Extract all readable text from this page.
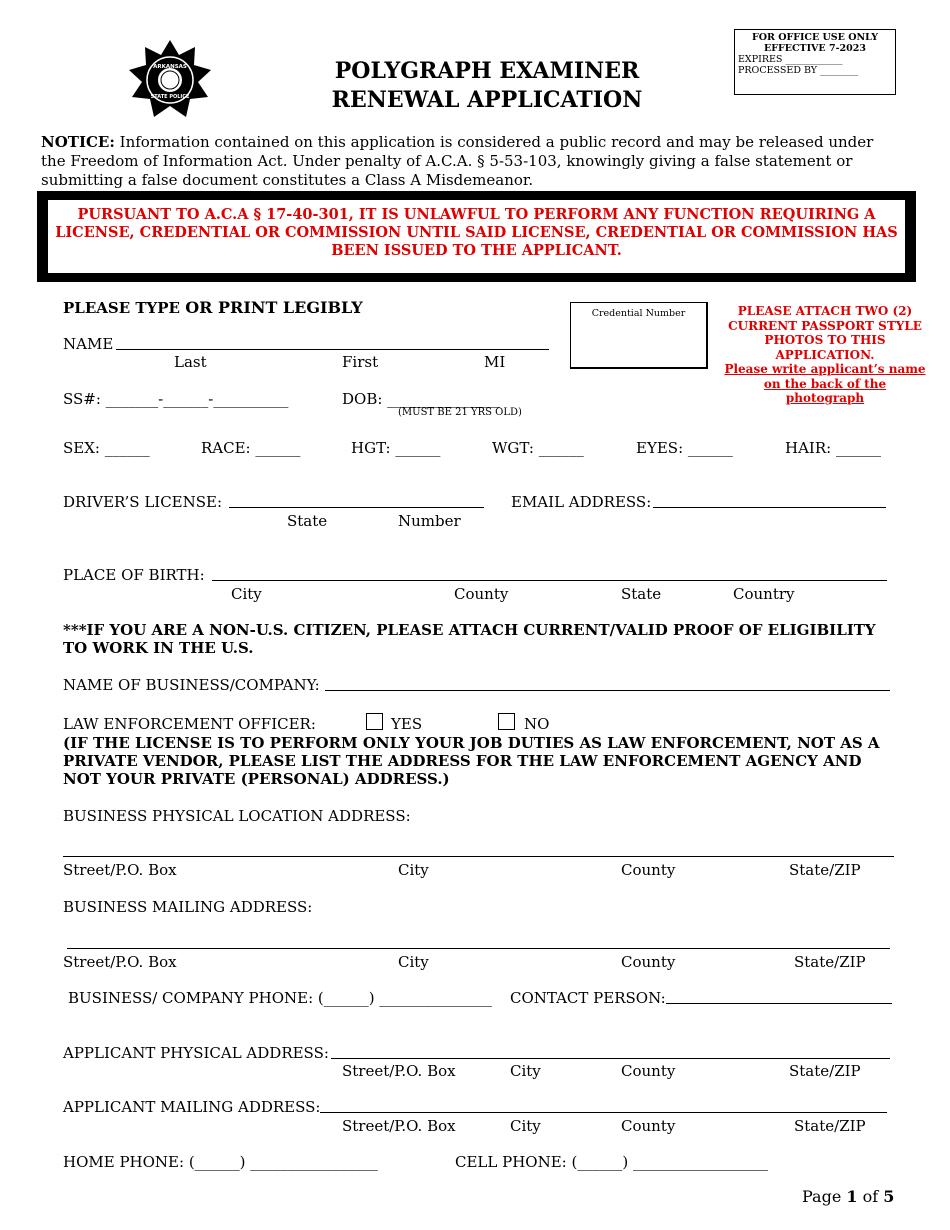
ARKANSAS
STATE POLICE
POLYGRAPH EXAMINER
RENEWAL APPLICATION
FOR OFFICE USE ONLY
EFFECTIVE 7-2023
EXPIRES ____________
PROCESSED BY ________
NOTICE: Information contained on this application is considered a public record and may be released under the Freedom of Information Act. Under penalty of A.C.A. § 5-53-103, knowingly giving a false statement or submitting a false document constitutes a Class A Misdemeanor.
PURSUANT TO A.C.A § 17-40-301, IT IS UNLAWFUL TO PERFORM ANY FUNCTION REQUIRING A LICENSE, CREDENTIAL OR COMMISSION UNTIL SAID LICENSE, CREDENTIAL OR COMMISSION HAS BEEN ISSUED TO THE APPLICANT.
PLEASE TYPE OR PRINT LEGIBLY	Credential Number	PLEASE ATTACH TWO (2)
CURRENT PASSPORT STYLE
PHOTOS TO THIS
APPLICATION.
Please write applicant’s name
on the back of the photograph
NAME
Last	First	MI
SS#: _______-______-__________	DOB: _______________
(MUST BE 21 YRS OLD)
SEX: ______	RACE: ______	HGT: ______	WGT: ______	EYES: ______	HAIR: ______
DRIVER’S LICENSE:
State	Number
EMAIL ADDRESS:
PLACE OF BIRTH:
City	County	State	Country
***IF YOU ARE A NON-U.S. CITIZEN, PLEASE ATTACH CURRENT/VALID PROOF OF ELIGIBILITY TO WORK IN THE U.S.
NAME OF BUSINESS/COMPANY:
LAW ENFORCEMENT OFFICER:	YES	NO
(IF THE LICENSE IS TO PERFORM ONLY YOUR JOB DUTIES AS LAW ENFORCEMENT, NOT AS A PRIVATE VENDOR, PLEASE LIST THE ADDRESS FOR THE LAW ENFORCEMENT AGENCY AND NOT YOUR PRIVATE (PERSONAL) ADDRESS.)
BUSINESS PHYSICAL LOCATION ADDRESS:
Street/P.O. Box	City	County	State/ZIP
BUSINESS MAILING ADDRESS:
Street/P.O. Box	City	County	State/ZIP
BUSINESS/ COMPANY PHONE: (______) _______________ CONTACT PERSON:
APPLICANT PHYSICAL ADDRESS:
Street/P.O. Box	City	County	State/ZIP
APPLICANT MAILING ADDRESS:
Street/P.O. Box	City	County	State/ZIP
HOME PHONE: (______) _________________	CELL PHONE: (______) __________________
Page 1 of 5
